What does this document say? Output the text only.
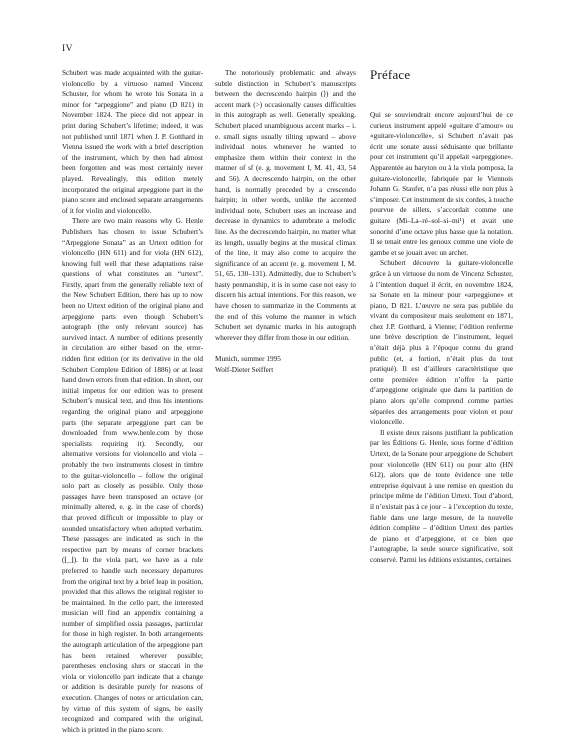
IV

Schubert was made acquainted with the guitar-violoncello by a virtuoso named Vincenz Schuster, for whom he wrote his Sonata in a minor for “arpeggione” and piano (D 821) in November 1824. The piece did not appear in print during Schubert’s lifetime; indeed, it was not published until 1871 when J. P. Gotthard in Vienna issued the work with a brief description of the instrument, which by then had almost been forgotten and was most certainly never played. Revealingly, this edition metely incorporated the original arpeggione part in the piano score and enclosed separate arrangements of it for violin and violoncello.

There are two main reasons why G. Henle Publishers has chosen to issue Schubert’s “Arpeggione Sonata” as an Urtext edition for violoncello (HN 611) and for viola (HN 612), knowing full well that these adaptations raise questions of what constitutes an “urtext”. Firstly, apart from the generally reliable text of the New Schubert Edition, there has up to now been no Urtext edition of the original piano and arpeggione parts even though Schubert’s autograph (the only relevant source) has survived intact. A number of editions presently in circulation are either based on the error-ridden first edition (or its derivative in the old Schubert Complete Edition of 1886) or at least hand down errors from that edition. In short, our initial impetus for our edition was to present Schubert’s musical text, and thus his intentions regarding the original piano and arpeggione parts (the separate arpeggione part can be downloaded from www.henle.com by those specialists requiring it). Secondly, our alternative versions for violoncello and viola – probably the two instruments closest in timbre to the guitar-violoncello – follow the original solo part as closely as possible. Only those passages have been transposed an octave (or minimally altered, e. g. in the case of chords) that proved difficult or impossible to play or sounded unsatisfactory when adopted verbatim. These passages are indicated as such in the respective part by means of corner brackets (⌊_⌋). In the viola part, we have as a rule preferred to handle such necessary departures from the original text by a brief leap in position, provided that this allows the original register to be maintained. In the cello part, the interested musician will find an appendix containing a number of simplified ossia passages, particular for those in high register. In both arrangements the autograph articulation of the arpeggione part has been retained wherever possible; parentheses enclosing slurs or staccati in the viola or violoncello part indicate that a change or addition is desirable purely for reasons of execution. Changes of notes or articulation can, by virtue of this system of signs, be easily recognized and compared with the original, which is printed in the piano score.

The notoriously problematic and always subtle distinction in Schubert’s manuscripts between the decrescendo hairpin (⟩) and the accent mark (>) occasionally causes difficulties in this autograph as well. Generally speaking, Schubert placed unambiguous accent marks – i. e. small signs usually tilting upward – above individual notes whenever he wanted to emphasize them within their context in the manner of sf (e. g. movement I, M. 41, 43, 54 and 56). A decrescendo hairpin, on the other hand, is normally preceded by a crescendo hairpin; in other words, unlike the accented individual note, Schubert uses an increase and decrease in dynamics to adumbrate a melodic line. As the decrescendo hairpin, no matter what its length, usually begins at the musical climax of the line, it may also come to acquire the significance of an accent (e. g. movement I, M. 51, 65, 130–131). Admittedly, due to Schubert’s hasty penmanship, it is in some case not easy to discern his actual intentions. For this reason, we have chosen to summarize in the Comments at the end of this volume the manner in which Schubert set dynamic marks in his autograph wherever they differ from those in our edition.

Munich, summer 1995
Wolf-Dieter Seiffert
Préface

Qui se souviendrait encore aujourd’hui de ce curieux instrument appelé «guitare d’amour» ou «guitare-violoncelle», si Schubert n’avait pas écrit une sonate aussi séduisante que brillante pour cet instrument qu’il appelait «arpeggione». Apparentée au baryton ou à la viola pomposa, la guitare-violoncelle, fabriquée par le Viennois Johann G. Staufer, n’a pas réussi elle non plus à s’imposer. Cet instrument de six cordes, à touche pourvue de sillets, s’accordait comme une guitare (Mi–La–ré–sol–si–mi¹) et avait une sonorité d’une octave plus basse que la notation. Il se tenait entre les genoux comme une viole de gambe et se jouait avec un archet.

Schubert découvre la guitare-violoncelle grâce à un virtuose du nom de Vincenz Schuster, à l’intention duquel il écrit, en novembre 1824, sa Sonate en la mineur pour «arpeggione» et piano, D 821. L’œuvre ne sera pas publiée du vivant du compositeur mais seulement en 1871, chez J.P. Gotthard, à Vienne; l’édition renferme une brève description de l’instrument, lequel n’était déjà plus à l’époque connu du grand public (et, a fortiori, n’était plus du tout pratiqué). Il est d’ailleurs caractéristique que cette première édition n’offre la partie d’arpeggione originale que dans la partition de piano alors qu’elle comprend comme parties séparées des arrangements pour violon et pour violoncelle.

Il existe deux raisons justifiant la publication par les Éditions G. Henle, sous forme d’édition Urtext, de la Sonate pour arpeggione de Schubert pour violoncelle (HN 611) ou pour alto (HN 612), alors que de toute évidence une telle entreprise équivaut à une remise en question du principe même de l’édition Urtext. Tout d’abord, il n’existait pas à ce jour – à l’exception du texte, fiable dans une large mesure, de la nouvelle édition complète – d’édition Urtext des parties de piano et d’arpeggione, et ce bien que l’autographe, la seule source significative, soit conservé. Parmi les éditions existantes, certaines
